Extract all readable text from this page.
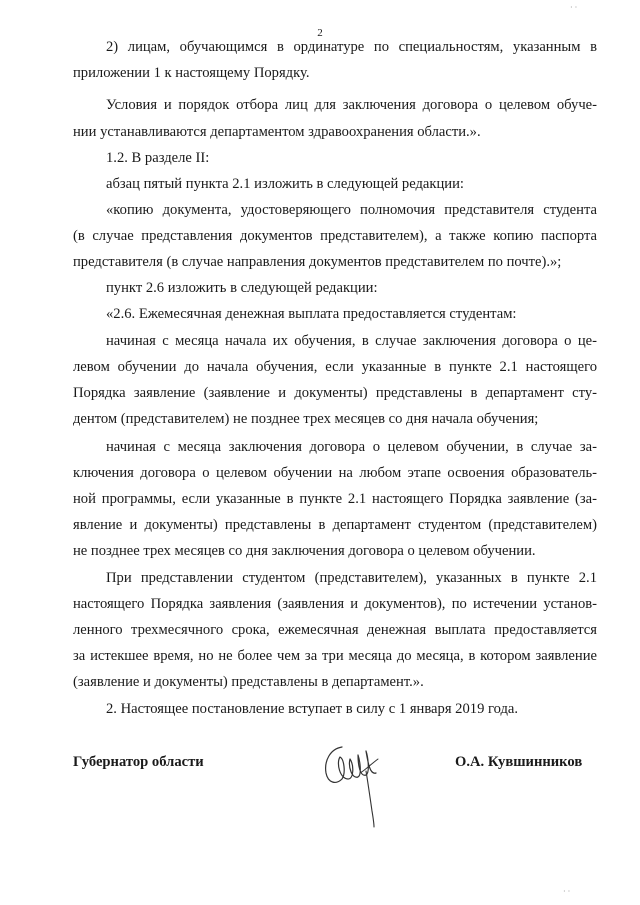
· ·
2
2) лицам, обучающимся в ординатуре по специальностям, указанным в
приложении 1 к настоящему Порядку.
Условия и порядок отбора лиц для заключения договора о целевом обуче-
нии устанавливаются департаментом здравоохранения области.».
1.2. В разделе II:
абзац пятый пункта 2.1 изложить в следующей редакции:
«копию документа, удостоверяющего полномочия представителя студента
(в случае представления документов представителем), а также копию паспорта
представителя (в случае направления документов представителем по почте).»;
пункт 2.6 изложить в следующей редакции:
«2.6. Ежемесячная денежная выплата предоставляется студентам:
начиная с месяца начала их обучения, в случае заключения договора о це-
левом обучении до начала обучения, если указанные в пункте 2.1 настоящего
Порядка заявление (заявление и документы) представлены в департамент сту-
дентом (представителем) не позднее трех месяцев со дня начала обучения;
начиная с месяца заключения договора о целевом обучении, в случае за-
ключения договора о целевом обучении на любом этапе освоения образователь-
ной программы, если указанные в пункте 2.1 настоящего Порядка заявление (за-
явление и документы) представлены в департамент студентом (представителем)
не позднее трех месяцев со дня заключения договора о целевом обучении.
При представлении студентом (представителем), указанных в пункте 2.1
настоящего Порядка заявления (заявления и документов), по истечении установ-
ленного трехмесячного срока, ежемесячная денежная выплата предоставляется
за истекшее время, но не более чем за три месяца до месяца, в котором заявление
(заявление и документы) представлены в департамент.».
2. Настоящее постановление вступает в силу с 1 января 2019 года.
Губернатор области	О.А. Кувшинников
· ·
